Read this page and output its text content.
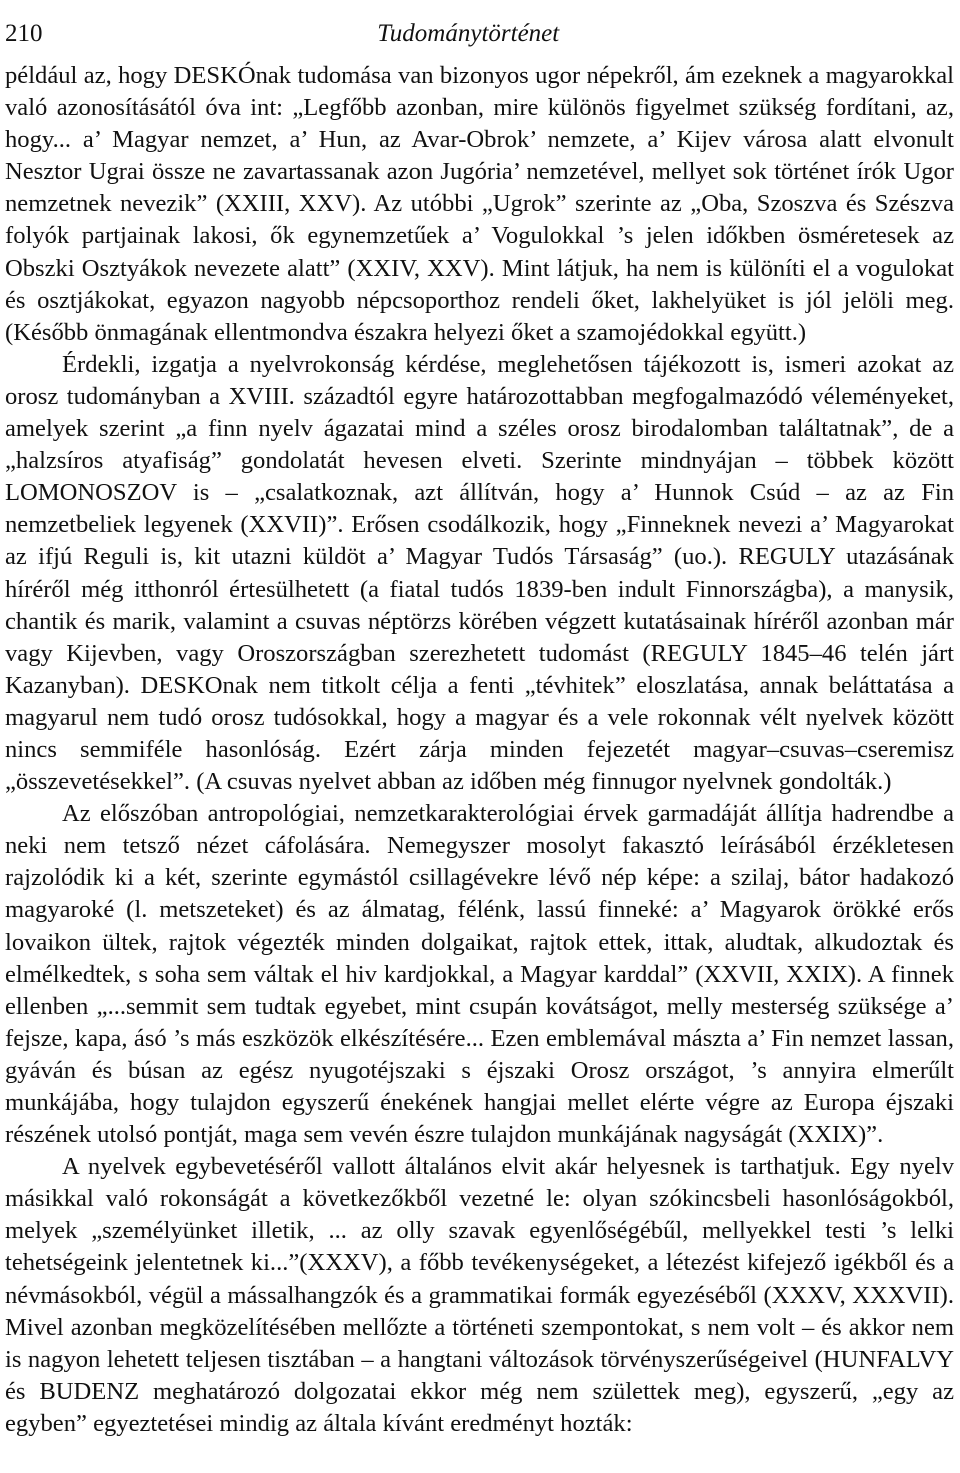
210	Tudománytörténet

például az, hogy DESKÓnak tudomása van bizonyos ugor népekről, ám ezeknek a magyarokkal való azonosításától óva int: „Legfőbb azonban, mire különös figyelmet szükség fordítani, az, hogy... a’ Magyar nemzet, a’ Hun, az Avar-Obrok’ nemzete, a’ Kijev városa alatt elvonult Nesztor Ugrai össze ne zavartassanak azon Jugória’ nemzetével, mellyet sok történet írók Ugor nemzetnek nevezik” (XXIII, XXV). Az utóbbi „Ugrok” szerinte az „Oba, Szoszva és Szészva folyók partjainak lakosi, ők egynemzetűek a’ Vogulokkal ’s jelen időkben ösméretesek az Obszki Osztyákok nevezete alatt” (XXIV, XXV). Mint látjuk, ha nem is különíti el a vogulokat és osztjákokat, egyazon nagyobb népcsoporthoz rendeli őket, lakhelyüket is jól jelöli meg. (Később önmagának ellentmondva északra helyezi őket a szamojédokkal együtt.)

Érdekli, izgatja a nyelvrokonság kérdése, meglehetősen tájékozott is, ismeri azokat az orosz tudományban a XVIII. századtól egyre határozottabban megfogalmazódó véleményeket, amelyek szerint „a finn nyelv ágazatai mind a széles orosz birodalomban találtatnak”, de a „halzsíros atyafiság” gondolatát hevesen elveti. Szerinte mindnyájan – többek között LOMONOSZOV is – „csalatkoznak, azt állítván, hogy a’ Hunnok Csúd – az az Fin nemzetbeliek legyenek (XXVII)”. Erősen csodálkozik, hogy „Finneknek nevezi a’ Magyarokat az ifjú Reguli is, kit utazni küldöt a’ Magyar Tudós Társaság” (uo.). REGULY utazásának híréről még itthonról értesülhetett (a fiatal tudós 1839-ben indult Finnországba), a manysik, chantik és marik, valamint a csuvas néptörzs körében végzett kutatásainak híréről azonban már vagy Kijevben, vagy Oroszországban szerezhetett tudomást (REGULY 1845–46 telén járt Kazanyban). DESKOnak nem titkolt célja a fenti „tévhitek” eloszlatása, annak beláttatása a magyarul nem tudó orosz tudósokkal, hogy a magyar és a vele rokonnak vélt nyelvek között nincs semmiféle hasonlóság. Ezért zárja minden fejezetét magyar–csuvas–cseremisz „összevetésekkel”. (A csuvas nyelvet abban az időben még finnugor nyelvnek gondolták.)

Az előszóban antropológiai, nemzetkarakterológiai érvek garmadáját állítja hadrendbe a neki nem tetsző nézet cáfolására. Nemegyszer mosolyt fakasztó leírásából érzékletesen rajzolódik ki a két, szerinte egymástól csillagévekre lévő nép képe: a szilaj, bátor hadakozó magyaroké (l. metszeteket) és az álmatag, félénk, lassú finneké: a’ Magyarok örökké erős lovaikon ültek, rajtok végezték minden dolgaikat, rajtok ettek, ittak, aludtak, alkudoztak és elmélkedtek, s soha sem váltak el hiv kardjokkal, a Magyar karddal” (XXVII, XXIX). A finnek ellenben „...semmit sem tudtak egyebet, mint csupán kovátságot, melly mesterség szüksége a’ fejsze, kapa, ásó ’s más eszközök elkészítésére... Ezen emblemával mászta a’ Fin nemzet lassan, gyáván és búsan az egész nyugotéjszaki s éjszaki Orosz országot, ’s annyira elmerűlt munkájába, hogy tulajdon egyszerű énekének hangjai mellet elérte végre az Europa éjszaki részének utolsó pontját, maga sem vevén észre tulajdon munkájának nagyságát (XXIX)”.

A nyelvek egybevetéséről vallott általános elvit akár helyesnek is tarthatjuk. Egy nyelv másikkal való rokonságát a következőkből vezetné le: olyan szókincsbeli hasonlóságokból, melyek „személyünket illetik, ... az olly szavak egyenlőségébűl, mellyekkel testi ’s lelki tehetségeink jelentetnek ki...”(XXXV), a főbb tevékenységeket, a létezést kifejező igékből és a névmásokból, végül a mássalhangzók és a grammatikai formák egyezéséből (XXXV, XXXVII). Mivel azonban megközelítésében mellőzte a történeti szempontokat, s nem volt – és akkor nem is nagyon lehetett teljesen tisztában – a hangtani változások törvényszerűségeivel (HUNFALVY és BUDENZ meghatározó dolgozatai ekkor még nem születtek meg), egyszerű, „egy az egyben” egyeztetései mindig az általa kívánt eredményt hozták:
